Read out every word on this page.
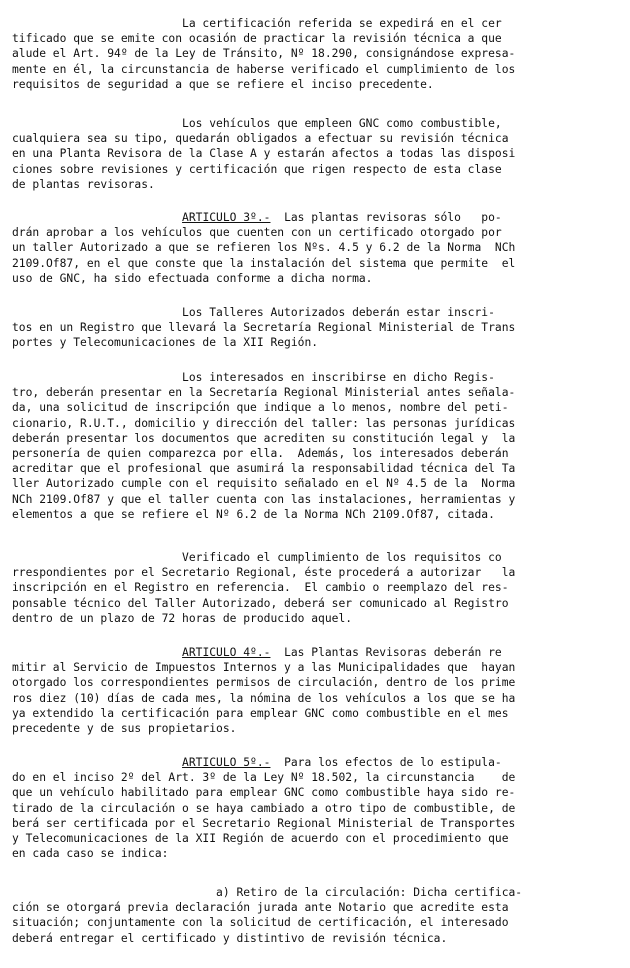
La certificación referida se expedirá en el cer
tificado que se emite con ocasión de practicar la revisión técnica a que
alude el Art. 94º de la Ley de Tránsito, Nº 18.290, consignándose expresa-
mente en él, la circunstancia de haberse verificado el cumplimiento de los
requisitos de seguridad a que se refiere el inciso precedente.
Los vehículos que empleen GNC como combustible,
cualquiera sea su tipo, quedarán obligados a efectuar su revisión técnica
en una Planta Revisora de la Clase A y estarán afectos a todas las disposi
ciones sobre revisiones y certificación que rigen respecto de esta clase
de plantas revisoras.
ARTICULO 3º.-  Las plantas revisoras sólo   po-
drán aprobar a los vehículos que cuenten con un certificado otorgado por
un taller Autorizado a que se refieren los Nºs. 4.5 y 6.2 de la Norma  NCh
2109.Of87, en el que conste que la instalación del sistema que permite  el
uso de GNC, ha sido efectuada conforme a dicha norma.
Los Talleres Autorizados deberán estar inscri-
tos en un Registro que llevará la Secretaría Regional Ministerial de Trans
portes y Telecomunicaciones de la XII Región.
Los interesados en inscribirse en dicho Regis-
tro, deberán presentar en la Secretaría Regional Ministerial antes señala-
da, una solicitud de inscripción que indique a lo menos, nombre del peti-
cionario, R.U.T., domicilio y dirección del taller: las personas jurídicas
deberán presentar los documentos que acrediten su constitución legal y  la
personería de quien comparezca por ella.  Además, los interesados deberán
acreditar que el profesional que asumirá la responsabilidad técnica del Ta
ller Autorizado cumple con el requisito señalado en el Nº 4.5 de la  Norma
NCh 2109.Of87 y que el taller cuenta con las instalaciones, herramientas y
elementos a que se refiere el Nº 6.2 de la Norma NCh 2109.Of87, citada.
Verificado el cumplimiento de los requisitos co
rrespondientes por el Secretario Regional, éste procederá a autorizar   la
inscripción en el Registro en referencia.  El cambio o reemplazo del res-
ponsable técnico del Taller Autorizado, deberá ser comunicado al Registro
dentro de un plazo de 72 horas de producido aquel.
ARTICULO 4º.-  Las Plantas Revisoras deberán re
mitir al Servicio de Impuestos Internos y a las Municipalidades que  hayan
otorgado los correspondientes permisos de circulación, dentro de los prime
ros diez (10) días de cada mes, la nómina de los vehículos a los que se ha
ya extendido la certificación para emplear GNC como combustible en el mes
precedente y de sus propietarios.
ARTICULO 5º.-  Para los efectos de lo estipula-
do en el inciso 2º del Art. 3º de la Ley Nº 18.502, la circunstancia    de
que un vehículo habilitado para emplear GNC como combustible haya sido re-
tirado de la circulación o se haya cambiado a otro tipo de combustible, de
berá ser certificada por el Secretario Regional Ministerial de Transportes
y Telecomunicaciones de la XII Región de acuerdo con el procedimiento que
en cada caso se indica:
a) Retiro de la circulación: Dicha certifica-
ción se otorgará previa declaración jurada ante Notario que acredite esta
situación; conjuntamente con la solicitud de certificación, el interesado
deberá entregar el certificado y distintivo de revisión técnica.
